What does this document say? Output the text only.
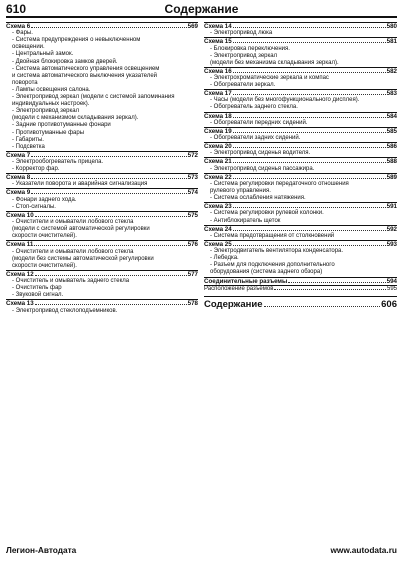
610	Содержание
Схема 6	569
- Фары.
- Система предупреждения о невыключенном
освещении.
- Центральный замок.
- Двойная блокировка замков дверей.
- Система автоматического управления освещением
и система автоматического выключения указателей
поворота
- Лампы освещения салона.
- Электропривод зеркал (модели с системой запоминания
индивидуальных настроек).
- Электропривод зеркал
(модели с механизмом складывания зеркал).
- Задние противотуманные фонари
- Противотуманные фары
- Габариты.
- Подсветка
Схема 7	572
- Электрообогреватель прицела.
- Корректор фар.
Схема 8	573
- Указатели поворота и аварийная сигнализация
Схема 9	574
- Фонари заднего хода.
- Стоп-сигналы.
Схема 10	575
- Очистители и омыватели лобового стекла
(модели с системой автоматической регулировки
скорости очистителей).
Схема 11	576
- Очистители и омыватели лобового стекла
(модели без системы автоматической регулировки
скорости очистителей).
Схема 12	577
- Очиститель и омыватель заднего стекла
- Очиститель фар
- Звуковой сигнал.
Схема 13	578
- Электропривод стеклоподъемников.
Схема 14	580
- Электропривод люка
Схема 15	581
- Блокировка переключения.
- Электропривод зеркал
(модели без механизма складывания зеркал).
Схема 16	582
- Электрохроматические зеркала и компас
- Обогреватели зеркал.
Схема 17	583
- Часы (модели без многофункционального дисплея).
- Обогреватель заднего стекла.
Схема 18	584
- Обогреватели передних сидений.
Схема 19	585
- Обогреватели задних сидений.
Схема 20	586
- Электропривод сиденья водителя.
Схема 21	588
- Электропривод сиденья пассажира.
Схема 22	589
- Система регулировки передаточного отношения
рулевого управления.
- Система ослабления натяжения.
Схема 23	591
- Система регулировки рулевой колонки.
- Антиблокиратель щеток
Схема 24	592
- Система предотвращения от столкновений
Схема 25	593
- Электродвигатель вентилятора конденсатора.
- Лебедка.
- Разъем для подключения дополнительного
оборудования (система заднего обзора)
Соединительные разъемы	594
Расположение разъемов	595
Содержание	606
Легион-Автодата	www.autodata.ru
